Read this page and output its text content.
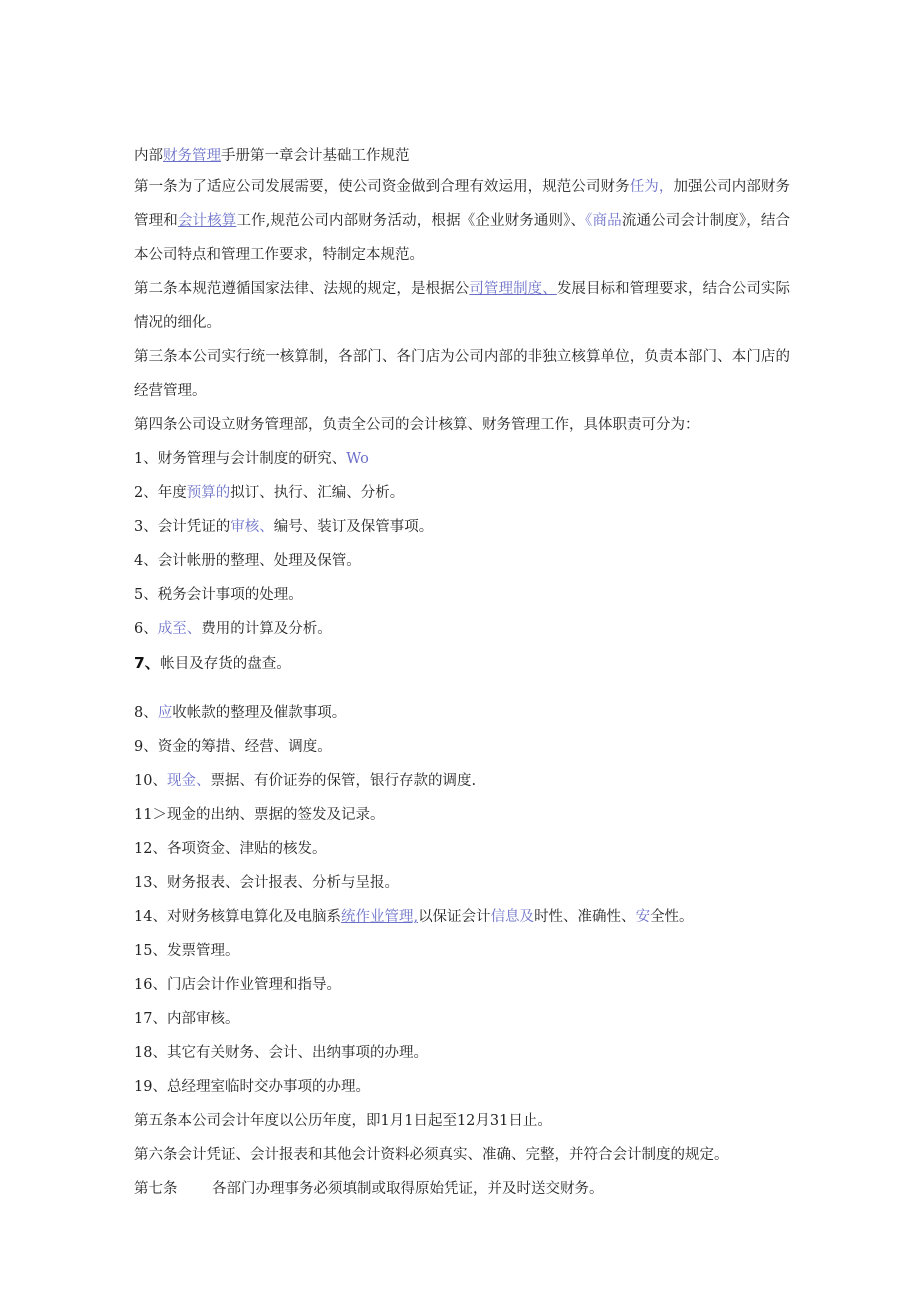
内部财务管理手册第一章会计基础工作规范
第一条为了适应公司发展需要，使公司资金做到合理有效运用，规范公司财务任为，加强公司内部财务管理和会计核算工作,规范公司内部财务活动，根据《企业财务通则》、《商品流通公司会计制度》，结合本公司特点和管理工作要求，特制定本规范。
第二条本规范遵循国家法律、法规的规定，是根据公司管理制度、发展目标和管理要求，结合公司实际情况的细化。
第三条本公司实行统一核算制，各部门、各门店为公司内部的非独立核算单位，负责本部门、本门店的经营管理。
第四条公司设立财务管理部，负责全公司的会计核算、财务管理工作，具体职责可分为：
1、财务管理与会计制度的研究、Wo
2、年度预算的拟订、执行、汇编、分析。
3、会计凭证的审核、编号、装订及保管事项。
4、会计帐册的整理、处理及保管。
5、税务会计事项的处理。
6、成至、费用的计算及分析。
7、帐目及存货的盘查。
8、应收帐款的整理及催款事项。
9、资金的筹措、经营、调度。
10、现金、票据、有价证券的保管，银行存款的调度.
11＞现金的出纳、票据的签发及记录。
12、各项资金、津贴的核发。
13、财务报表、会计报表、分析与呈报。
14、对财务核算电算化及电脑系统作业管理,以保证会计信息及时性、准确性、安全性。
15、发票管理。
16、门店会计作业管理和指导。
17、内部审核。
18、其它有关财务、会计、出纳事项的办理。
19、总经理室临时交办事项的办理。
第五条本公司会计年度以公历年度，即1月1日起至12月31日止。
第六条会计凭证、会计报表和其他会计资料必须真实、准确、完整，并符合会计制度的规定。
第七条 各部门办理事务必须填制或取得原始凭证，并及时送交财务。
